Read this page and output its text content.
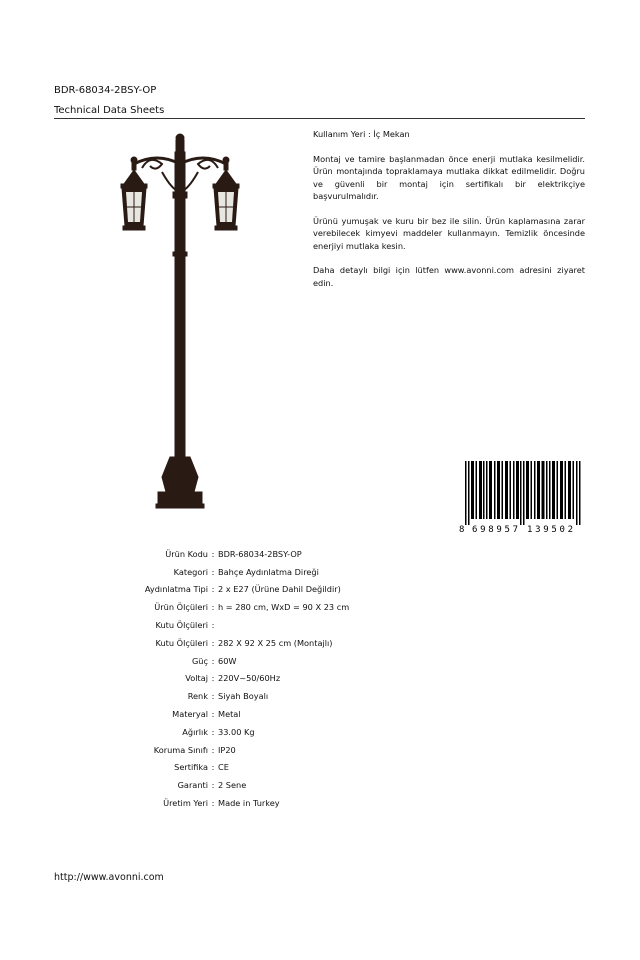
BDR-68034-2BSY-OP
Technical Data Sheets

Kullanım Yeri : İç Mekan

Montaj ve tamire başlanmadan önce enerji mutlaka kesilmelidir. Ürün montajında topraklamaya mutlaka dikkat edilmelidir. Doğru ve güvenli bir montaj için sertifikalı bir elektrikçiye başvurulmalıdır.

Ürünü yumuşak ve kuru bir bez ile silin. Ürün kaplamasına zarar verebilecek kimyevi maddeler kullanmayın. Temizlik öncesinde enerjiyi mutlaka kesin.

Daha detaylı bilgi için lütfen www.avonni.com adresini ziyaret edin.

8 698957 139502
Ürün Kodu : BDR-68034-2BSY-OP
Kategori : Bahçe Aydınlatma Direği
Aydınlatma Tipi : 2 x E27 (Ürüne Dahil Değildir)
Ürün Ölçüleri : h = 280 cm, WxD = 90 X 23 cm
Kutu Ölçüleri :
Kutu Ölçüleri : 282 X 92 X 25 cm (Montajlı)
Güç : 60W
Voltaj : 220V~50/60Hz
Renk : Siyah Boyalı
Materyal : Metal
Ağırlık : 33.00 Kg
Koruma Sınıfı : IP20
Sertifika : CE
Garanti : 2 Sene
Üretim Yeri : Made in Turkey
http://www.avonni.com
